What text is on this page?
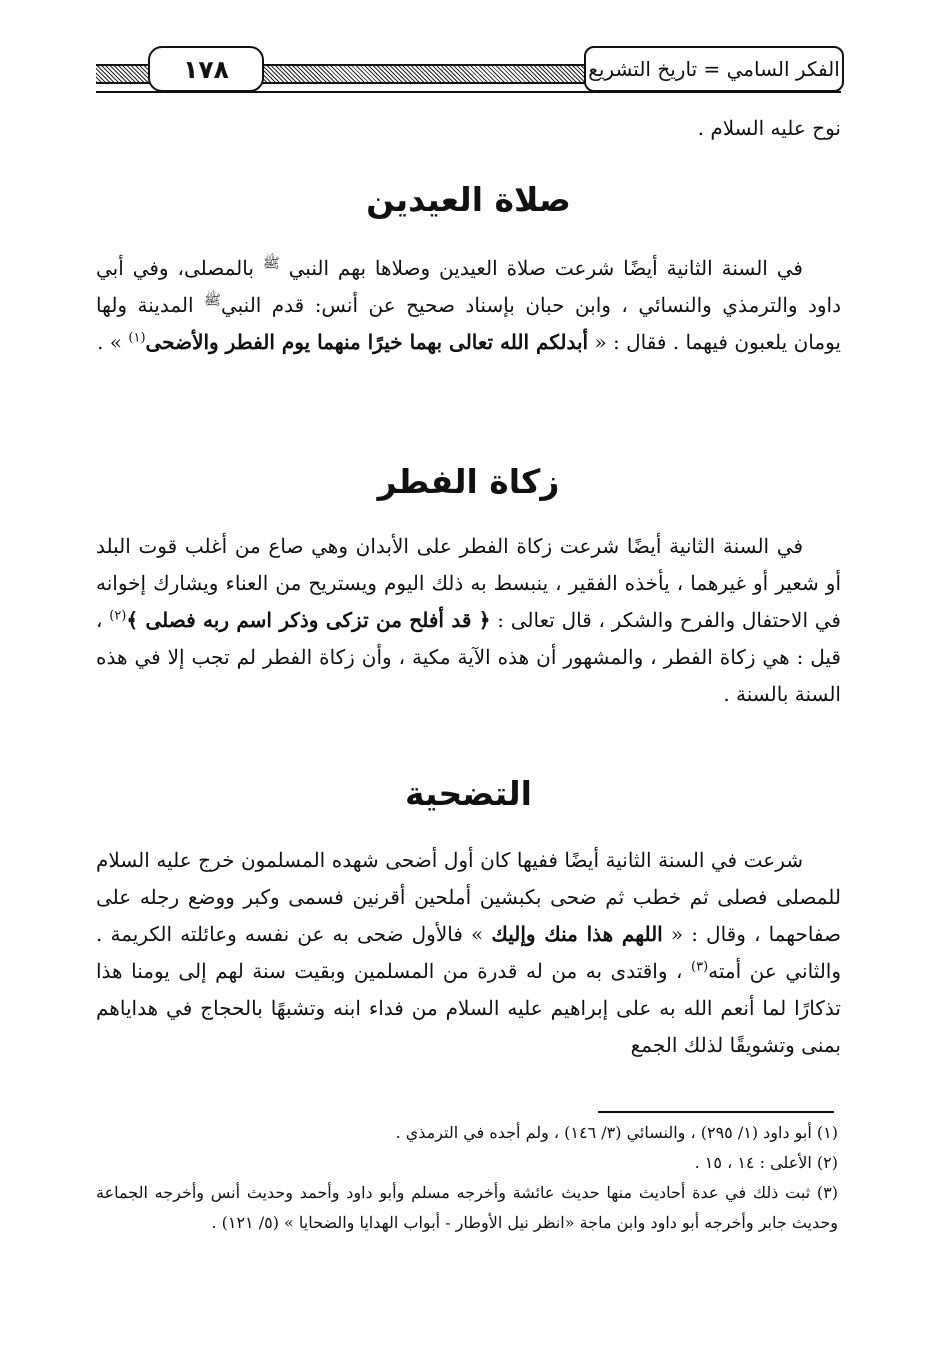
١٧٨	الفكر السامي = تاريخ التشريع

نوح عليه السلام .

صلاة العيدين

في السنة الثانية أيضًا شرعت صلاة العيدين وصلاها بهم النبي $^ﷺ$ بالمصلى، وفي أبي داود والترمذي والنسائي ، وابن حبان بإسناد صحيح عن أنس: قدم النبي$^ﷺ$ المدينة ولها يومان يلعبون فيهما . فقال : « أبدلكم الله تعالى بهما خيرًا منهما يوم الفطر والأضحى$^{(١)}$ » .

زكاة الفطر

في السنة الثانية أيضًا شرعت زكاة الفطر على الأبدان وهي صاع من أغلب قوت البلد أو شعير أو غيرهما ، يأخذه الفقير ، ينبسط به ذلك اليوم ويستريح من العناء ويشارك إخوانه في الاحتفال والفرح والشكر ، قال تعالى : ﴿ قد أفلح من تزكى وذكر اسم ربه فصلى ﴾$^{(٢)}$ ، قيل : هي زكاة الفطر ، والمشهور أن هذه الآية مكية ، وأن زكاة الفطر لم تجب إلا في هذه السنة بالسنة .

التضحية

شرعت في السنة الثانية أيضًا ففيها كان أول أضحى شهده المسلمون خرج عليه السلام للمصلى فصلى ثم خطب ثم ضحى بكبشين أملحين أقرنين فسمى وكبر ووضع رجله على صفاحهما ، وقال : « اللهم هذا منك وإليك » فالأول ضحى به عن نفسه وعائلته الكريمة . والثاني عن أمته$^{(٣)}$ ، واقتدى به من له قدرة من المسلمين وبقيت سنة لهم إلى يومنا هذا تذكارًا لما أنعم الله به على إبراهيم عليه السلام من فداء ابنه وتشبهًا بالحجاج في هداياهم بمنى وتشويقًا لذلك الجمع

(١) أبو داود (١/ ٢٩٥) ، والنسائي (٣/ ١٤٦) ، ولم أجده في الترمذي .

(٢) الأعلى : ١٤ ، ١٥ .

(٣) ثبت ذلك في عدة أحاديث منها حديث عائشة وأخرجه مسلم وأبو داود وأحمد وحديث أنس وأخرجه الجماعة وحديث جابر وأخرجه أبو داود وابن ماجة «انظر نيل الأوطار - أبواب الهدايا والضحايا » (٥/ ١٢١) .
